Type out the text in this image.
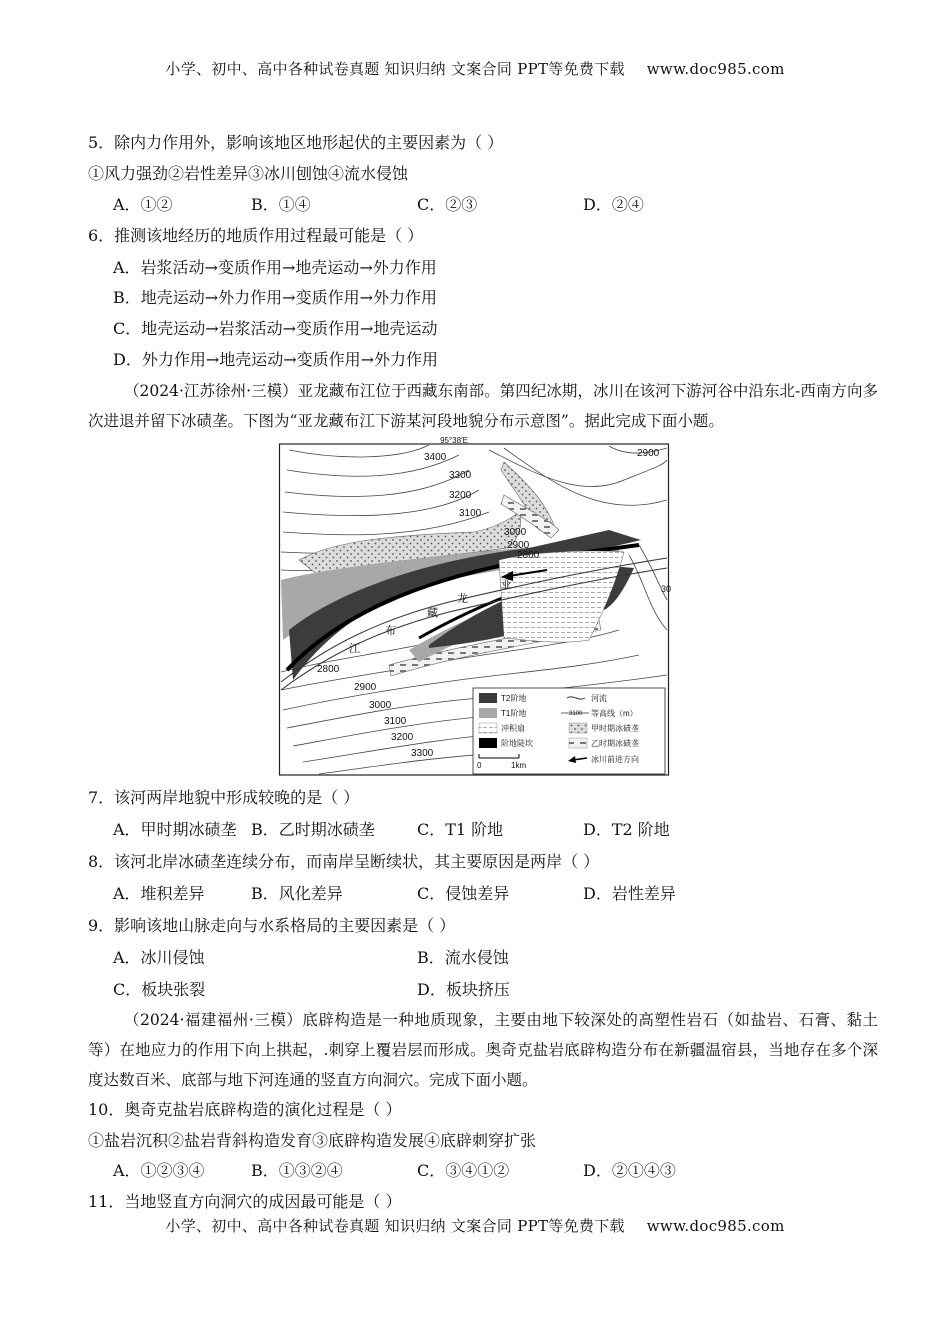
小学、初中、高中各种试卷真题 知识归纳 文案合同 PPT等免费下载 www.doc985.com
5．除内力作用外，影响该地区地形起伏的主要因素为（ ）
①风力强劲②岩性差异③冰川刨蚀④流水侵蚀
A．①②	B．①④	C．②③	D．②④
6．推测该地经历的地质作用过程最可能是（ ）
A．岩浆活动→变质作用→地壳运动→外力作用
B．地壳运动→外力作用→变质作用→外力作用
C．地壳运动→岩浆活动→变质作用→地壳运动
D．外力作用→地壳运动→变质作用→外力作用
（2024·江苏徐州·三模）亚龙藏布江位于西藏东南部。第四纪冰期，冰川在该河下游河谷中沿东北-西南方向多次进退并留下冰碛垄。下图为“亚龙藏布江下游某河段地貌分布示意图”。据此完成下面小题。
95°38′E
30
3400
3300
3200
3100
3000
2900
2800
2900
2800
2900
3000
3100
3200
3300
藏
龙
亚
布
江
T2阶地	河流
T1阶地	3100 等高线（m）
冲积扇	甲时期冰碛垄
阶地陡坎	乙时期冰碛垄
0	1km
冰川前进方向
7．该河两岸地貌中形成较晚的是（ ）
A．甲时期冰碛垄 B．乙时期冰碛垄	C．T1 阶地	D．T2 阶地
8．该河北岸冰碛垄连续分布，而南岸呈断续状，其主要原因是两岸（ ）
A．堆积差异	B．风化差异	C．侵蚀差异	D．岩性差异
9．影响该地山脉走向与水系格局的主要因素是（ ）
A．冰川侵蚀	B．流水侵蚀
C．板块张裂	D．板块挤压
（2024·福建福州·三模）底辟构造是一种地质现象，主要由地下较深处的高塑性岩石（如盐岩、石膏、黏土等）在地应力的作用下向上拱起，.刺穿上覆岩层而形成。奥奇克盐岩底辟构造分布在新疆温宿县，当地存在多个深度达数百米、底部与地下河连通的竖直方向洞穴。完成下面小题。
10．奥奇克盐岩底辟构造的演化过程是（ ）
①盐岩沉积②盐岩背斜构造发育③底辟构造发展④底辟刺穿扩张
A．①②③④	B．①③②④	C．③④①②	D．②①④③
11．当地竖直方向洞穴的成因最可能是（ ）
小学、初中、高中各种试卷真题 知识归纳 文案合同 PPT等免费下载 www.doc985.com
